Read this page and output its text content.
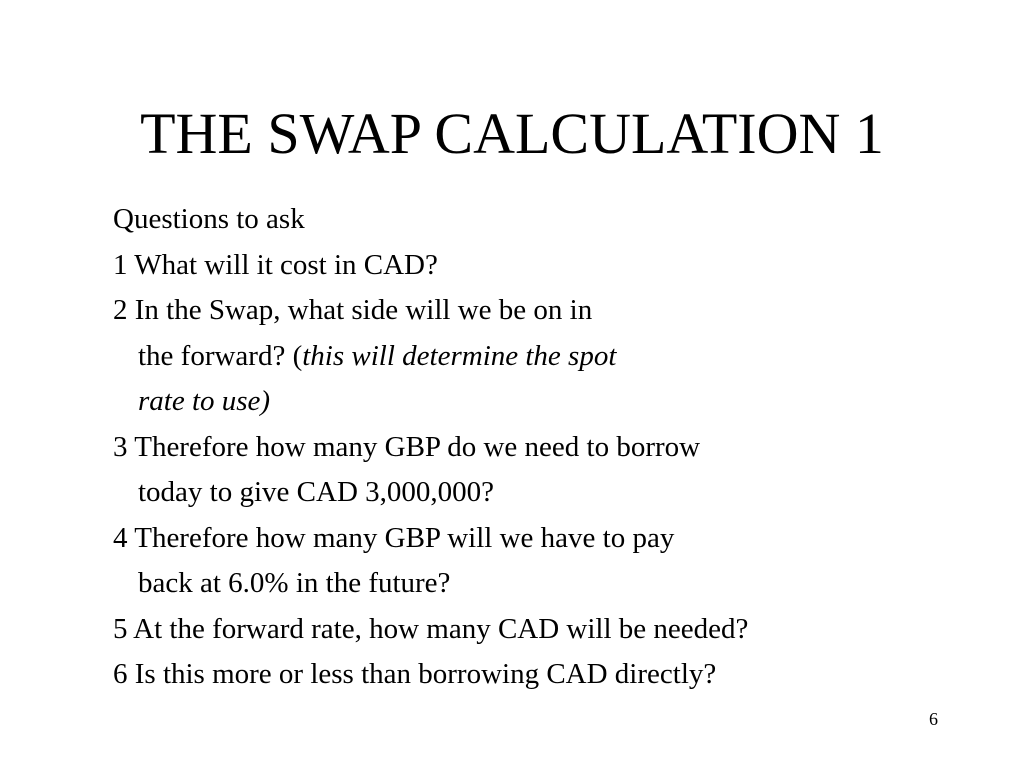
THE SWAP CALCULATION 1
Questions to ask
1 What will it cost in CAD?
2 In the Swap, what side will we be on in
the forward? (this will determine the spot
rate to use)
3 Therefore how many GBP do we need to borrow
today to give CAD 3,000,000?
4 Therefore how many GBP will we have to pay
back at 6.0% in the future?
5 At the forward rate, how many CAD will be needed?
6 Is this more or less than borrowing CAD directly?
6
